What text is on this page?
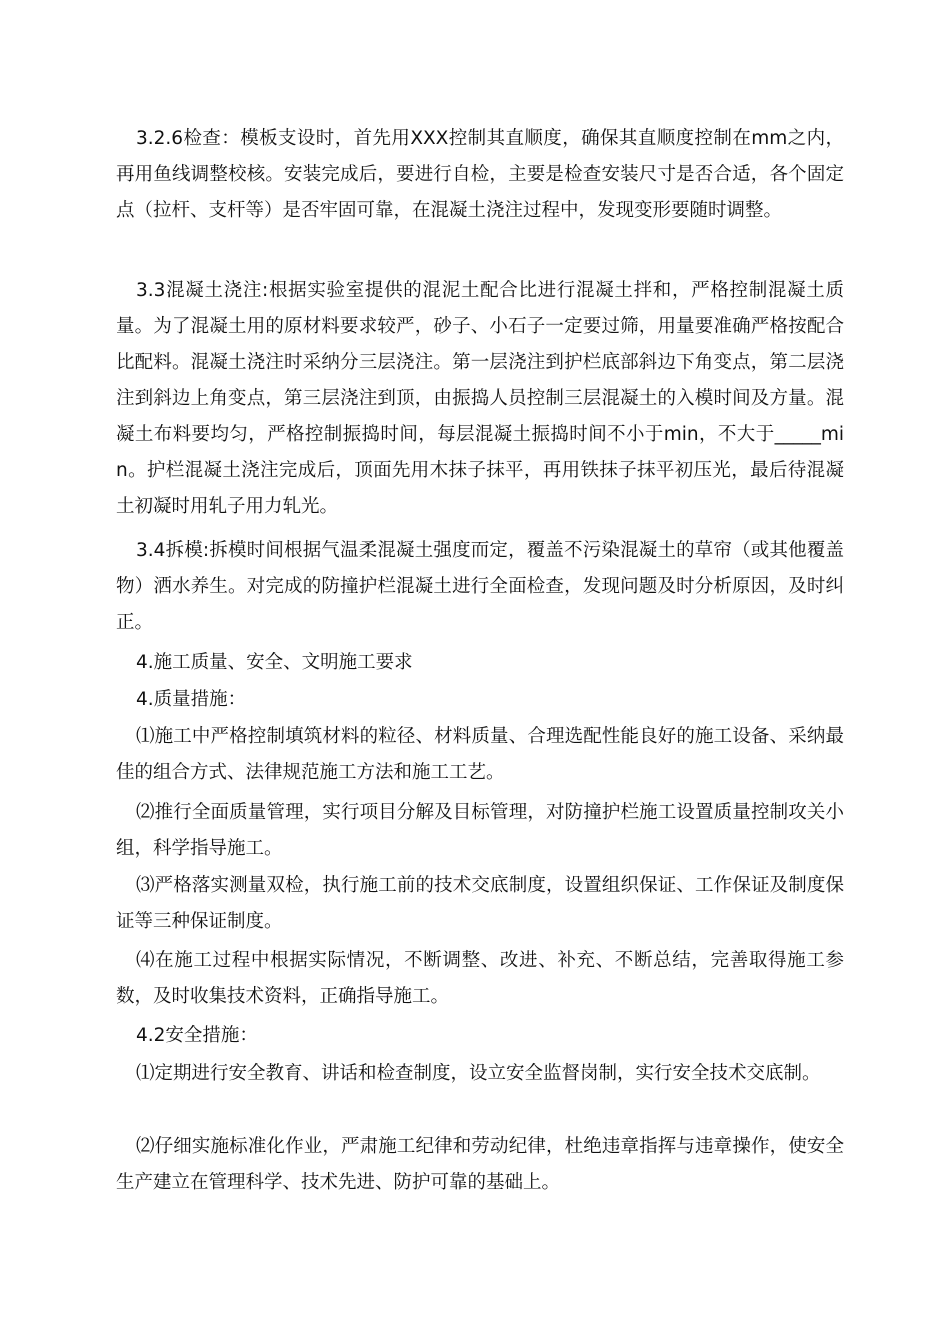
3.2.6检查：模板支设时，首先用XXX控制其直顺度，确保其直顺度控制在mm之内，再用鱼线调整校核。安装完成后，要进行自检，主要是检查安装尺寸是否合适，各个固定点（拉杆、支杆等）是否牢固可靠，在混凝土浇注过程中，发现变形要随时调整。

3.3混凝土浇注:根据实验室提供的混泥土配合比进行混凝土拌和，严格控制混凝土质量。为了混凝土用的原材料要求较严，砂子、小石子一定要过筛，用量要准确严格按配合比配料。混凝土浇注时采纳分三层浇注。第一层浇注到护栏底部斜边下角变点，第二层浇注到斜边上角变点，第三层浇注到顶，由振捣人员控制三层混凝土的入模时间及方量。混凝土布料要均匀，严格控制振捣时间，每层混凝土振捣时间不小于min，不大于_____min。护栏混凝土浇注完成后，顶面先用木抹子抹平，再用铁抹子抹平初压光，最后待混凝土初凝时用轧子用力轧光。

3.4拆模:拆模时间根据气温柔混凝土强度而定，覆盖不污染混凝土的草帘（或其他覆盖物）洒水养生。对完成的防撞护栏混凝土进行全面检查，发现问题及时分析原因，及时纠正。

4.施工质量、安全、文明施工要求

4.质量措施：

⑴施工中严格控制填筑材料的粒径、材料质量、合理选配性能良好的施工设备、采纳最佳的组合方式、法律规范施工方法和施工工艺。

⑵推行全面质量管理，实行项目分解及目标管理，对防撞护栏施工设置质量控制攻关小组，科学指导施工。

⑶严格落实测量双检，执行施工前的技术交底制度，设置组织保证、工作保证及制度保证等三种保证制度。

⑷在施工过程中根据实际情况，不断调整、改进、补充、不断总结，完善取得施工参数，及时收集技术资料，正确指导施工。

4.2安全措施：

⑴定期进行安全教育、讲话和检查制度，设立安全监督岗制，实行安全技术交底制。

⑵仔细实施标准化作业，严肃施工纪律和劳动纪律，杜绝违章指挥与违章操作，使安全生产建立在管理科学、技术先进、防护可靠的基础上。
